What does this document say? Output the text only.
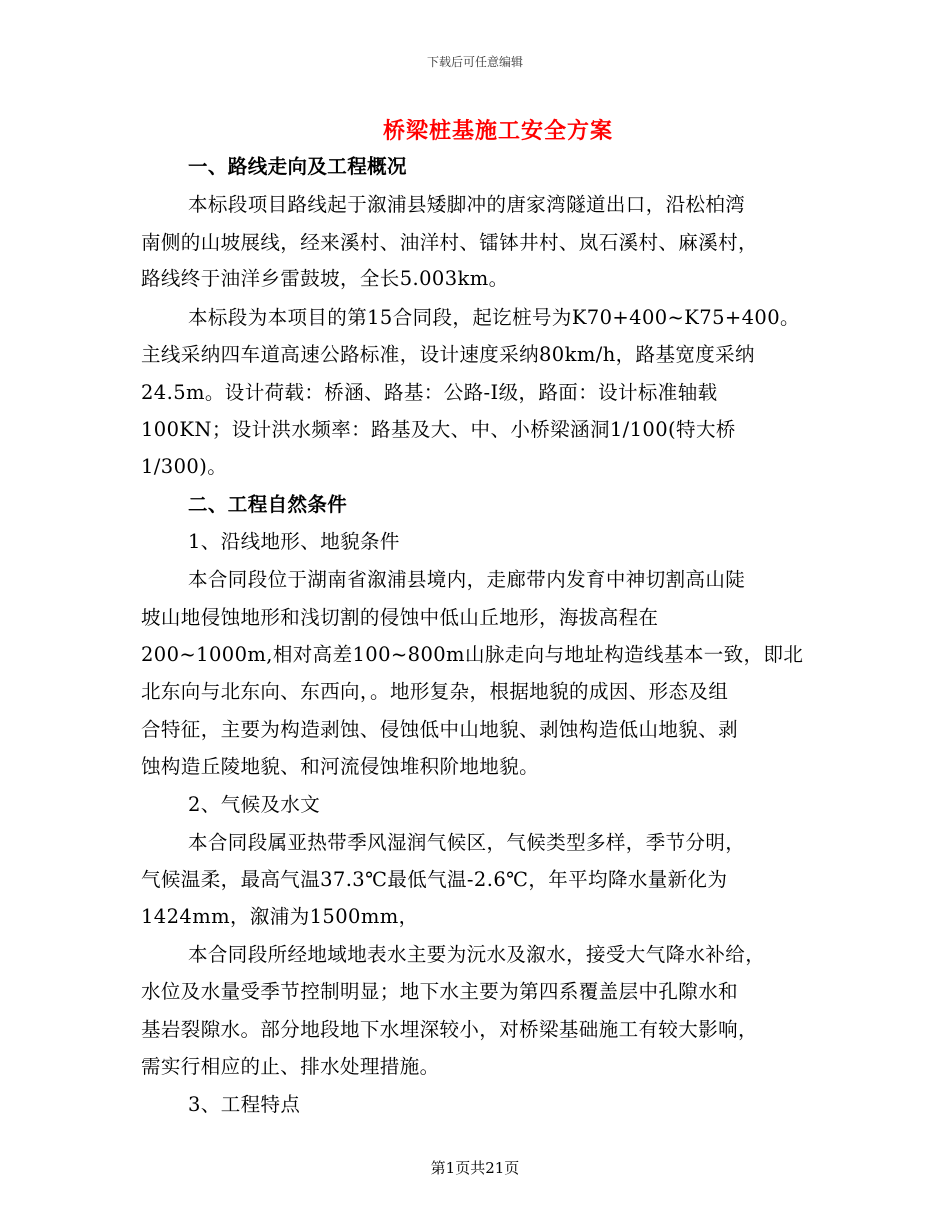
下载后可任意编辑
桥梁桩基施工安全方案
一、路线走向及工程概况
本标段项目路线起于溆浦县矮脚冲的唐家湾隧道出口，沿松柏湾
南侧的山坡展线，经来溪村、油洋村、镭钵井村、岚石溪村、麻溪村，
路线终于油洋乡雷鼓坡，全长5.003km。
本标段为本项目的第15合同段，起讫桩号为K70+400~K75+400。
主线采纳四车道高速公路标准，设计速度采纳80km/h，路基宽度采纳
24.5m。设计荷载：桥涵、路基：公路-Ⅰ级，路面：设计标准轴载
100KN；设计洪水频率：路基及大、中、小桥梁涵洞1/100(特大桥
1/300)。
二、工程自然条件
1、沿线地形、地貌条件
本合同段位于湖南省溆浦县境内，走廊带内发育中神切割高山陡
坡山地侵蚀地形和浅切割的侵蚀中低山丘地形，海拔高程在
200~1000m,相对高差100~800m山脉走向与地址构造线基本一致，即北
北东向与北东向、东西向，。地形复杂，根据地貌的成因、形态及组
合特征，主要为构造剥蚀、侵蚀低中山地貌、剥蚀构造低山地貌、剥
蚀构造丘陵地貌、和河流侵蚀堆积阶地地貌。
2、气候及水文
本合同段属亚热带季风湿润气候区，气候类型多样，季节分明，
气候温柔，最高气温37.3℃最低气温-2.6℃，年平均降水量新化为
1424mm，溆浦为1500mm，
本合同段所经地域地表水主要为沅水及溆水，接受大气降水补给，
水位及水量受季节控制明显；地下水主要为第四系覆盖层中孔隙水和
基岩裂隙水。部分地段地下水埋深较小，对桥梁基础施工有较大影响，
需实行相应的止、排水处理措施。
3、工程特点
第1页共21页
